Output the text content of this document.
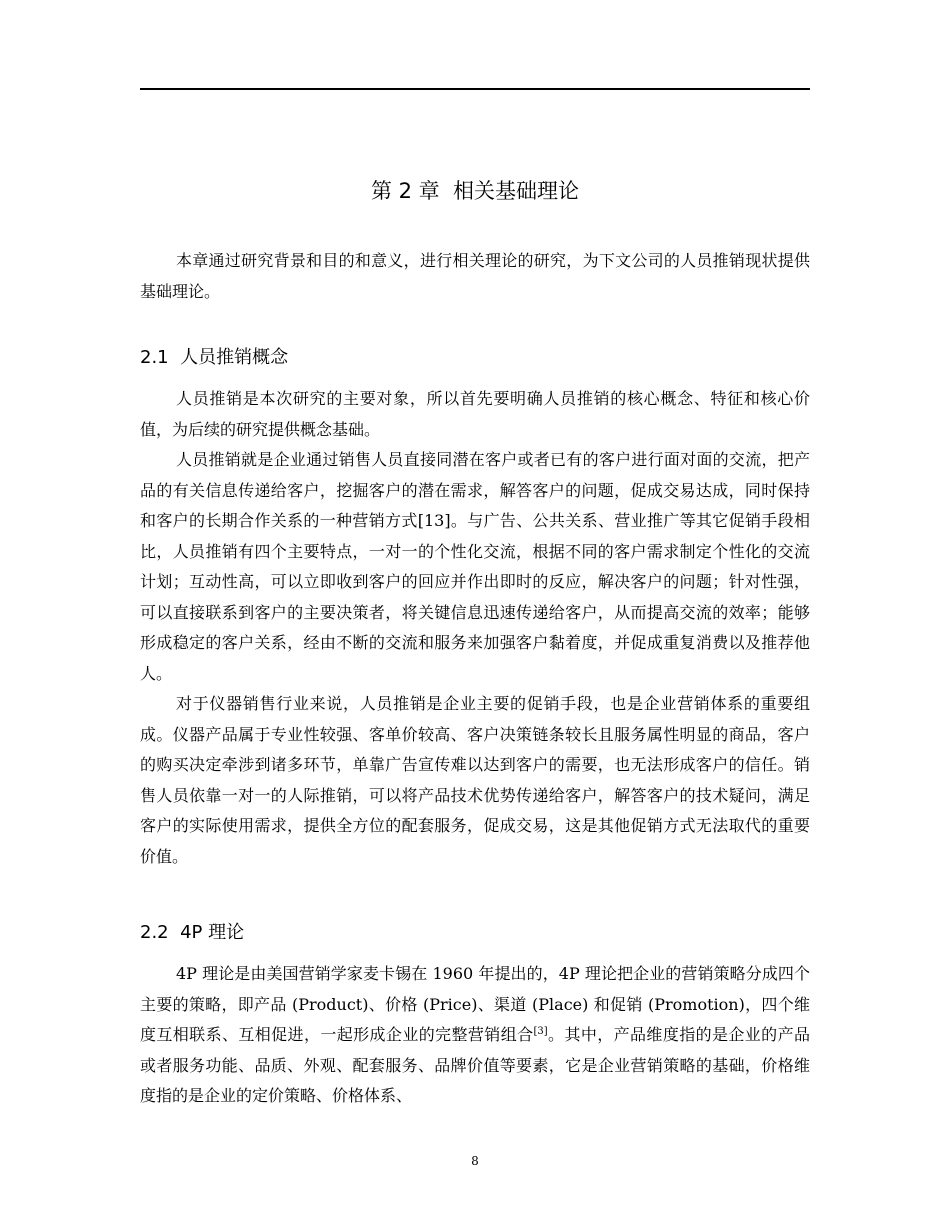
第 2 章 相关基础理论

本章通过研究背景和目的和意义，进行相关理论的研究，为下文公司的人员推销现状提供基础理论。

2.1 人员推销概念

人员推销是本次研究的主要对象，所以首先要明确人员推销的核心概念、特征和核心价值，为后续的研究提供概念基础。

人员推销就是企业通过销售人员直接同潜在客户或者已有的客户进行面对面的交流，把产品的有关信息传递给客户，挖掘客户的潜在需求，解答客户的问题，促成交易达成，同时保持和客户的长期合作关系的一种营销方式[13]。与广告、公共关系、营业推广等其它促销手段相比，人员推销有四个主要特点，一对一的个性化交流，根据不同的客户需求制定个性化的交流计划；互动性高，可以立即收到客户的回应并作出即时的反应，解决客户的问题；针对性强，可以直接联系到客户的主要决策者，将关键信息迅速传递给客户，从而提高交流的效率；能够形成稳定的客户关系，经由不断的交流和服务来加强客户黏着度，并促成重复消费以及推荐他人。

对于仪器销售行业来说，人员推销是企业主要的促销手段，也是企业营销体系的重要组成。仪器产品属于专业性较强、客单价较高、客户决策链条较长且服务属性明显的商品，客户的购买决定牵涉到诸多环节，单靠广告宣传难以达到客户的需要，也无法形成客户的信任。销售人员依靠一对一的人际推销，可以将产品技术优势传递给客户，解答客户的技术疑问，满足客户的实际使用需求，提供全方位的配套服务，促成交易，这是其他促销方式无法取代的重要价值。

2.2 4P 理论

4P 理论是由美国营销学家麦卡锡在 1960 年提出的，4P 理论把企业的营销策略分成四个主要的策略，即产品 (Product)、价格 (Price)、渠道 (Place) 和促销 (Promotion)，四个维度互相联系、互相促进，一起形成企业的完整营销组合[3]。其中，产品维度指的是企业的产品或者服务功能、品质、外观、配套服务、品牌价值等要素，它是企业营销策略的基础，价格维度指的是企业的定价策略、价格体系、

8
